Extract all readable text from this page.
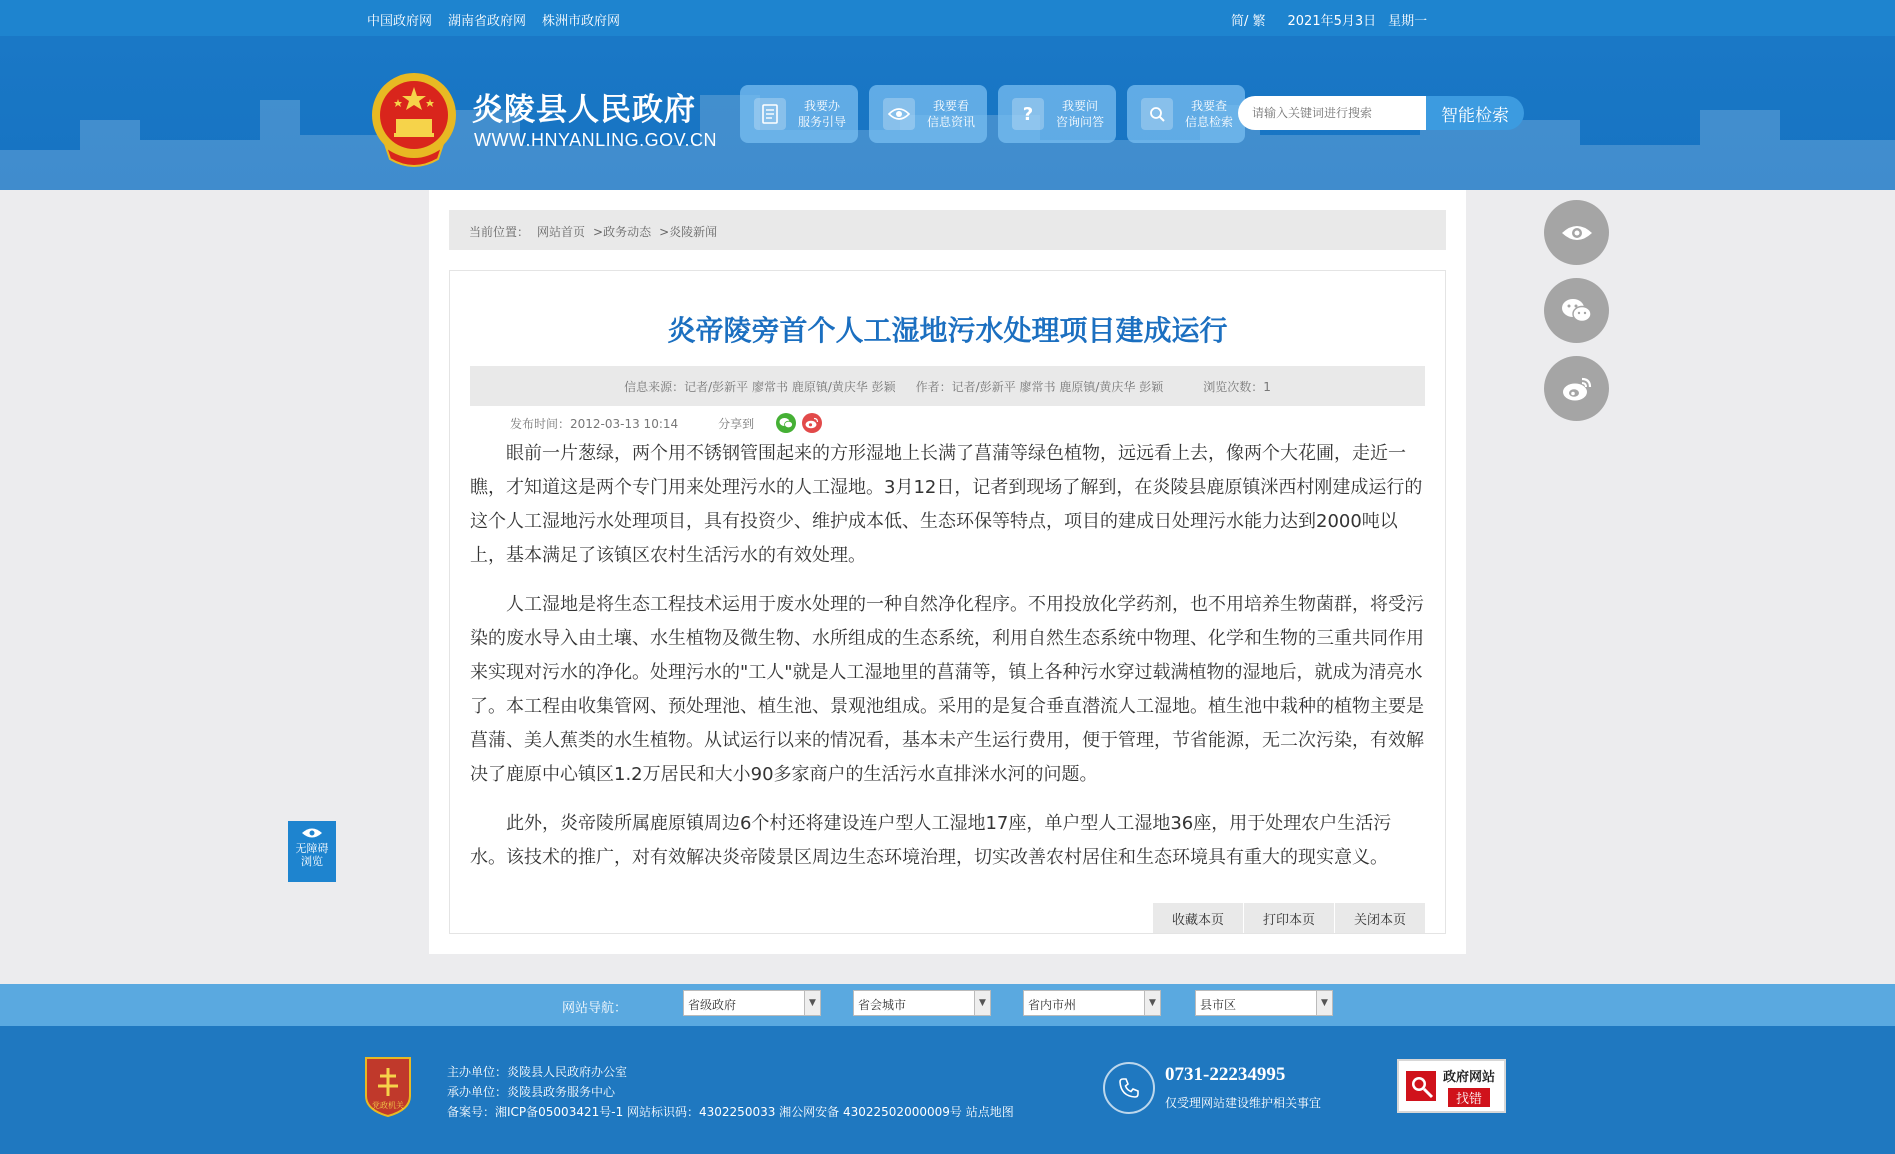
中国政府网 湖南省政府网 株洲市政府网	简/ 繁 2021年5月3日 星期一
炎陵县人民政府
WWW.HNYANLING.GOV.CN
我要办
服务引导
我要看
信息资讯	?	我要问
咨询问答
我要查
信息检索
请输入关键词进行搜索	智能检索
当前位置： 网站首页 >政务动态 >炎陵新闻
炎帝陵旁首个人工湿地污水处理项目建成运行
信息来源：记者/彭新平 廖常书 鹿原镇/黄庆华 彭颖 作者：记者/彭新平 廖常书 鹿原镇/黄庆华 彭颖	浏览次数：1
发布时间：2012-03-13 10:14	分享到

眼前一片葱绿，两个用不锈钢管围起来的方形湿地上长满了菖蒲等绿色植物，远远看上去，像两个大花圃，走近一瞧，才知道这是两个专门用来处理污水的人工湿地。3月12日，记者到现场了解到，在炎陵县鹿原镇洣西村刚建成运行的这个人工湿地污水处理项目，具有投资少、维护成本低、生态环保等特点，项目的建成日处理污水能力达到2000吨以上，基本满足了该镇区农村生活污水的有效处理。

人工湿地是将生态工程技术运用于废水处理的一种自然净化程序。不用投放化学药剂，也不用培养生物菌群，将受污染的废水导入由土壤、水生植物及微生物、水所组成的生态系统，利用自然生态系统中物理、化学和生物的三重共同作用来实现对污水的净化。处理污水的"工人"就是人工湿地里的菖蒲等，镇上各种污水穿过载满植物的湿地后，就成为清亮水了。本工程由收集管网、预处理池、植生池、景观池组成。采用的是复合垂直潜流人工湿地。植生池中栽种的植物主要是菖蒲、美人蕉类的水生植物。从试运行以来的情况看，基本未产生运行费用，便于管理，节省能源，无二次污染，有效解决了鹿原中心镇区1.2万居民和大小90多家商户的生活污水直排洣水河的问题。

此外，炎帝陵所属鹿原镇周边6个村还将建设连户型人工湿地17座，单户型人工湿地36座，用于处理农户生活污水。该技术的推广，对有效解决炎帝陵景区周边生态环境治理，切实改善农村居住和生态环境具有重大的现实意义。

收藏本页	打印本页	关闭本页
无障碍
浏览
网站导航：	省级政府	▼	省会城市	▼	省内市州	▼	县市区	▼
党政机关
主办单位：炎陵县人民政府办公室
承办单位：炎陵县政务服务中心
备案号：湘ICP备05003421号-1 网站标识码：4302250033 湘公网安备 43022502000009号 站点地图
0731-22234995
仅受理网站建设维护相关事宜
政府网站
找错
